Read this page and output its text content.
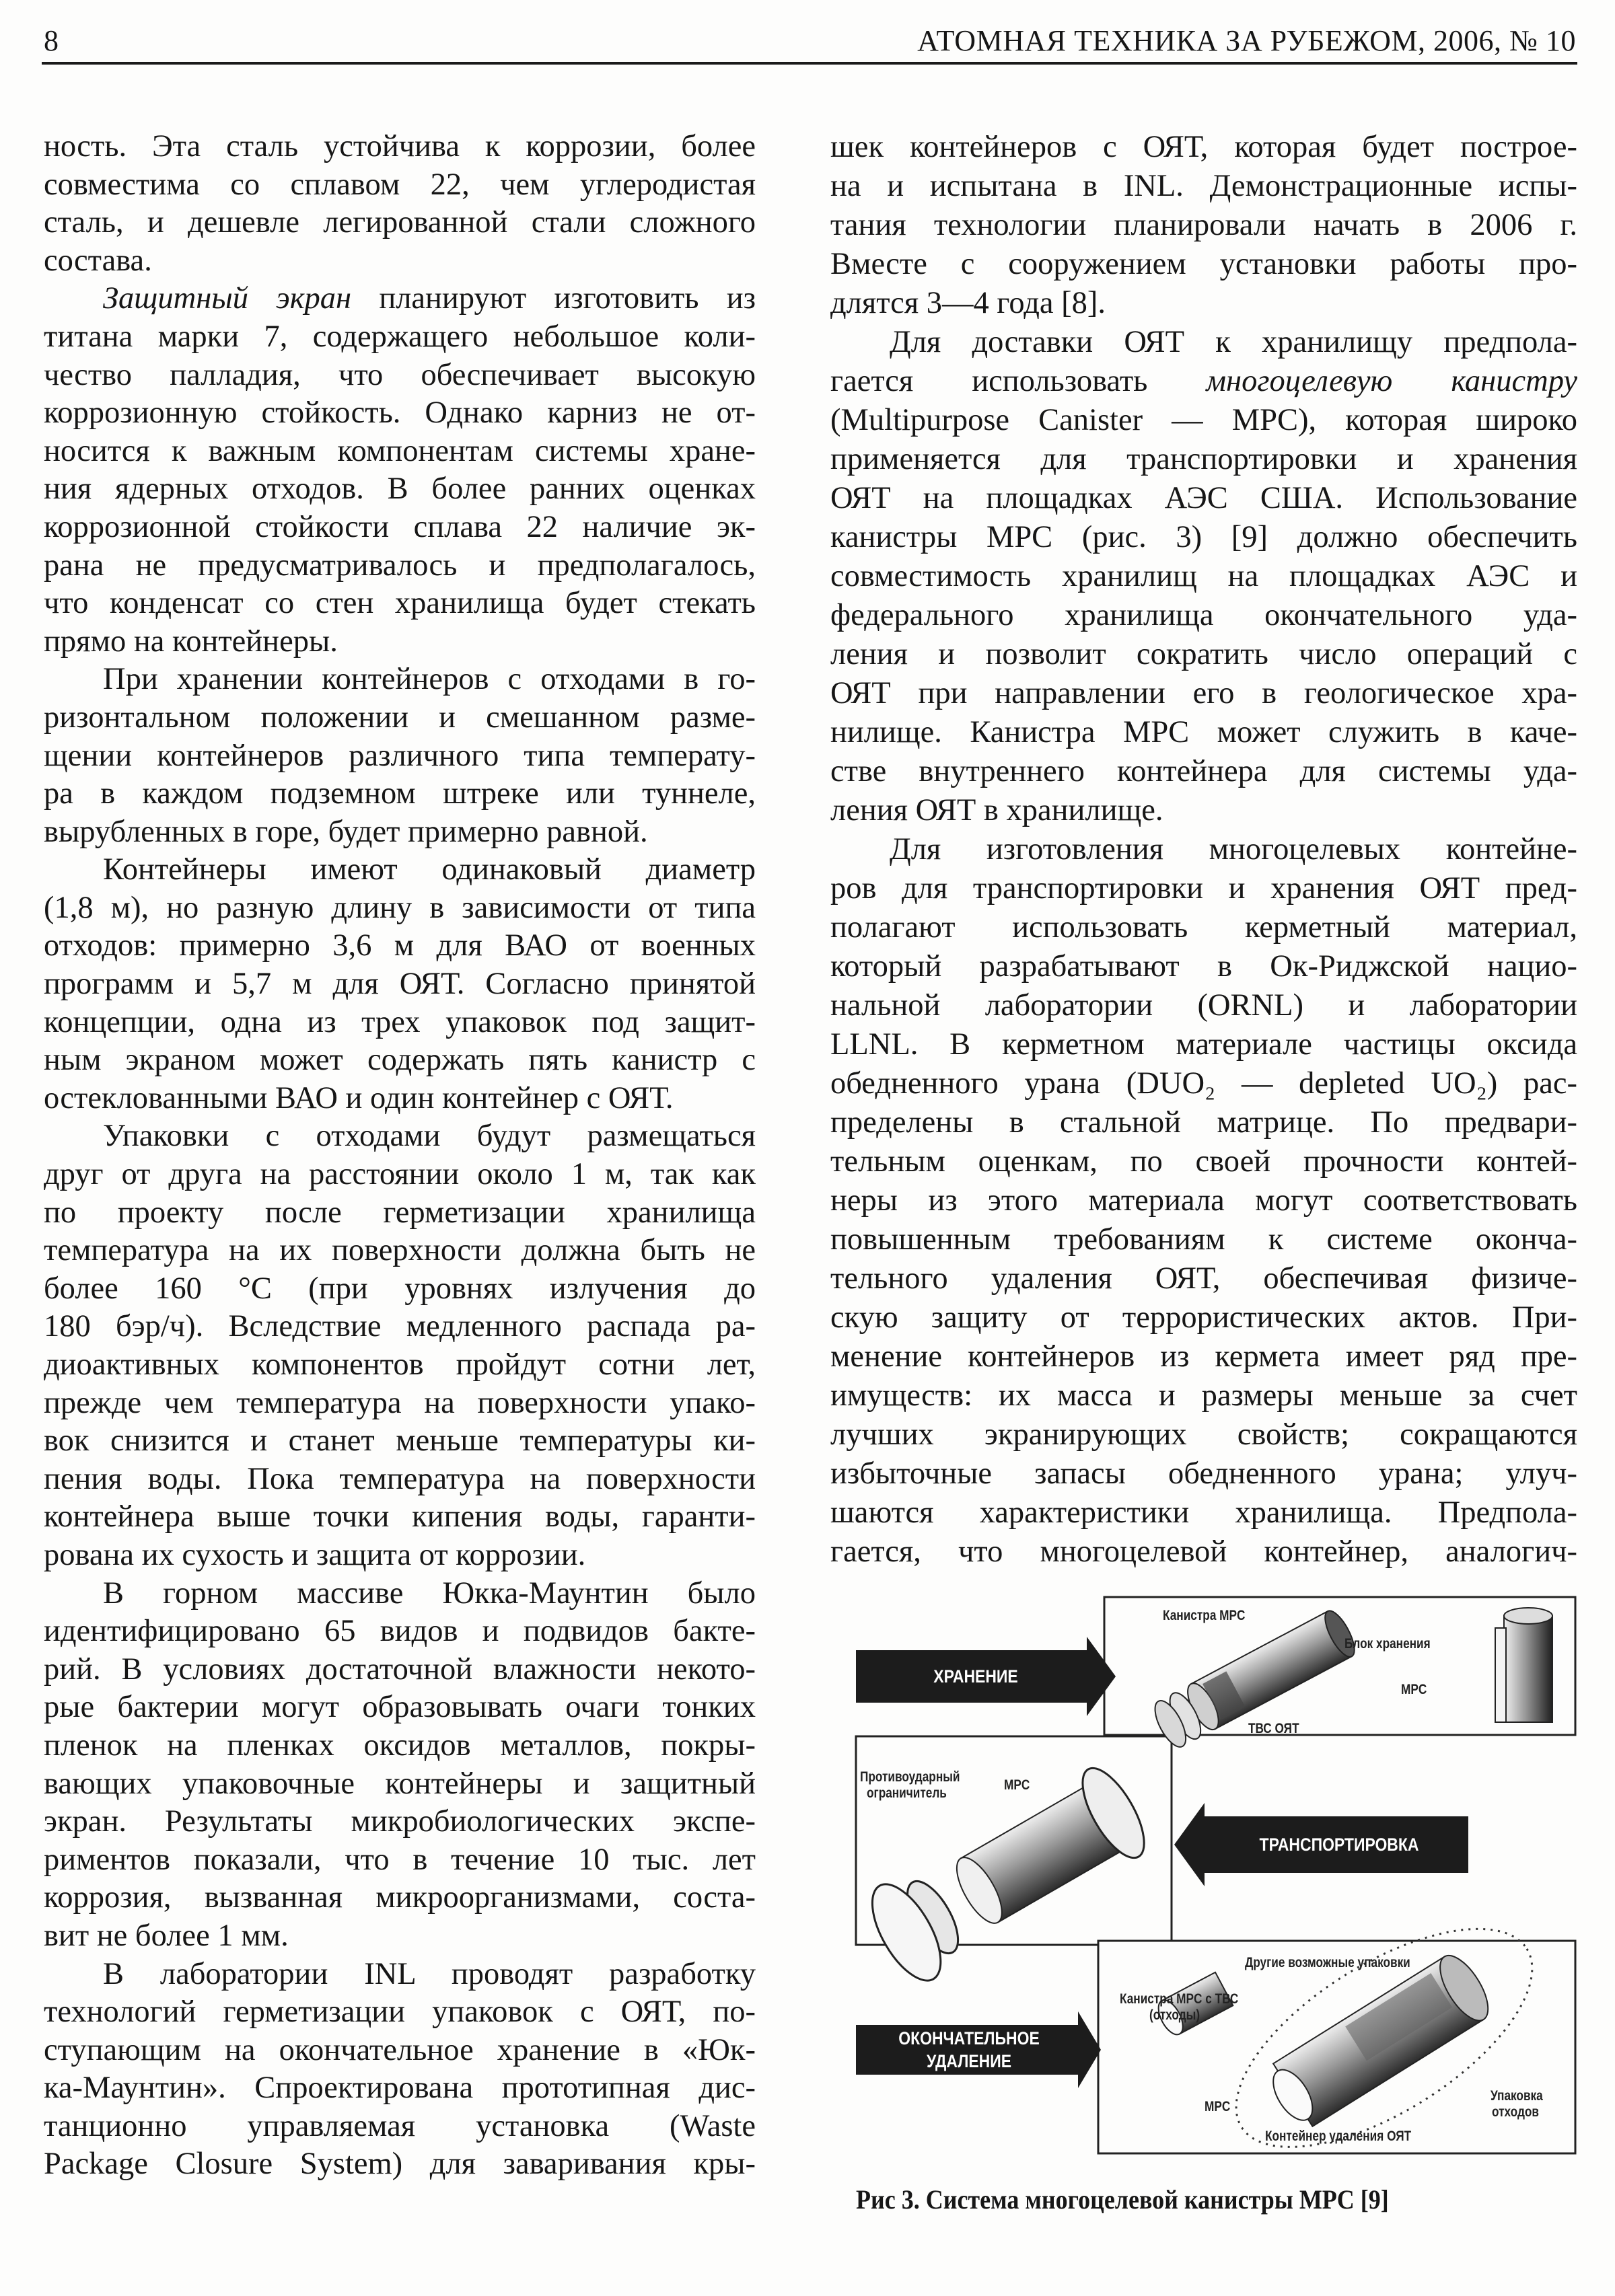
8	АТОМНАЯ ТЕХНИКА ЗА РУБЕЖОМ, 2006, № 10
ность. Эта сталь устойчива к коррозии, более
совместима со сплавом 22, чем углеродистая
сталь, и дешевле легированной стали сложного
состава.
Защитный экран планируют изготовить из
титана марки 7, содержащего небольшое коли-
чество палладия, что обеспечивает высокую
коррозионную стойкость. Однако карниз не от-
носится к важным компонентам системы хране-
ния ядерных отходов. В более ранних оценках
коррозионной стойкости сплава 22 наличие эк-
рана не предусматривалось и предполагалось,
что конденсат со стен хранилища будет стекать
прямо на контейнеры.
При хранении контейнеров с отходами в го-
ризонтальном положении и смешанном разме-
щении контейнеров различного типа температу-
ра в каждом подземном штреке или туннеле,
вырубленных в горе, будет примерно равной.
Контейнеры имеют одинаковый диаметр
(1,8 м), но разную длину в зависимости от типа
отходов: примерно 3,6 м для ВАО от военных
программ и 5,7 м для ОЯТ. Согласно принятой
концепции, одна из трех упаковок под защит-
ным экраном может содержать пять канистр с
остеклованными ВАО и один контейнер с ОЯТ.
Упаковки с отходами будут размещаться
друг от друга на расстоянии около 1 м, так как
по проекту после герметизации хранилища
температура на их поверхности должна быть не
более 160 °С (при уровнях излучения до
180 бэр/ч). Вследствие медленного распада ра-
диоактивных компонентов пройдут сотни лет,
прежде чем температура на поверхности упако-
вок снизится и станет меньше температуры ки-
пения воды. Пока температура на поверхности
контейнера выше точки кипения воды, гаранти-
рована их сухость и защита от коррозии.
В горном массиве Юкка-Маунтин было
идентифицировано 65 видов и подвидов бакте-
рий. В условиях достаточной влажности некото-
рые бактерии могут образовывать очаги тонких
пленок на пленках оксидов металлов, покры-
вающих упаковочные контейнеры и защитный
экран. Результаты микробиологических экспе-
риментов показали, что в течение 10 тыс. лет
коррозия, вызванная микроорганизмами, соста-
вит не более 1 мм.
В лаборатории INL проводят разработку
технологий герметизации упаковок с ОЯТ, по-
ступающим на окончательное хранение в «Юк-
ка-Маунтин». Спроектирована прототипная дис-
танционно управляемая установка (Waste
Package Closure System) для заваривания кры-
шек контейнеров с ОЯТ, которая будет построе-
на и испытана в INL. Демонстрационные испы-
тания технологии планировали начать в 2006 г.
Вместе с сооружением установки работы про-
длятся 3—4 года [8].
Для доставки ОЯТ к хранилищу предпола-
гается использовать многоцелевую канистру
(Multipurpose Canister — MPC), которая широко
применяется для транспортировки и хранения
ОЯТ на площадках АЭС США. Использование
канистры MPC (рис. 3) [9] должно обеспечить
совместимость хранилищ на площадках АЭС и
федерального хранилища окончательного уда-
ления и позволит сократить число операций с
ОЯТ при направлении его в геологическое хра-
нилище. Канистра MPC может служить в каче-
стве внутреннего контейнера для системы уда-
ления ОЯТ в хранилище.
Для изготовления многоцелевых контейне-
ров для транспортировки и хранения ОЯТ пред-
полагают использовать керметный материал,
который разрабатывают в Ок-Риджской нацио-
нальной лаборатории (ORNL) и лаборатории
LLNL. В керметном материале частицы оксида
обедненного урана (DUO₂ — depleted UO₂) рас-
пределены в стальной матрице. По предвари-
тельным оценкам, по своей прочности контей-
неры из этого материала могут соответствовать
повышенным требованиям к системе оконча-
тельного удаления ОЯТ, обеспечивая физиче-
скую защиту от террористических актов. При-
менение контейнеров из кермета имеет ряд пре-
имуществ: их масса и размеры меньше за счет
лучших экранирующих свойств; сокращаются
избыточные запасы обедненного урана; улуч-
шаются характеристики хранилища. Предпола-
гается, что многоцелевой контейнер, аналогич-
ХРАНЕНИЕ
ТРАНСПОРТИРОВКА
ОКОНЧАТЕЛЬНОЕ
УДАЛЕНИЕ
Канистра MPC
Блок хранения
MPC
ТВС ОЯТ
Противоударный
ограничитель
MPC
Другие возможные упаковки
Канистра MPC с ТВС
(отходы)
MPC
Упаковка
отходов
Контейнер удаления ОЯТ
Рис 3. Система многоцелевой канистры MPC [9]
